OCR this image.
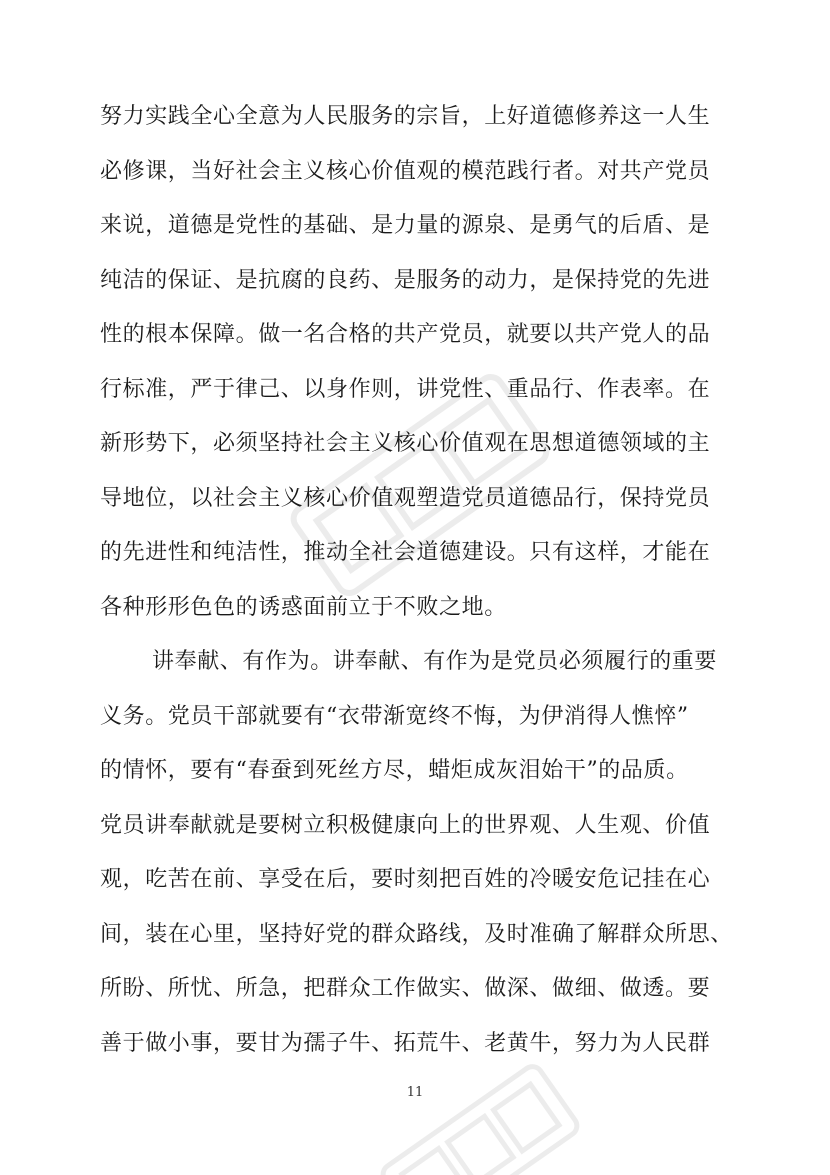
努力实践全心全意为人民服务的宗旨，上好道德修养这一人生
必修课，当好社会主义核心价值观的模范践行者。对共产党员
来说，道德是党性的基础、是力量的源泉、是勇气的后盾、是
纯洁的保证、是抗腐的良药、是服务的动力，是保持党的先进
性的根本保障。做一名合格的共产党员，就要以共产党人的品
行标准，严于律己、以身作则，讲党性、重品行、作表率。在
新形势下，必须坚持社会主义核心价值观在思想道德领域的主
导地位，以社会主义核心价值观塑造党员道德品行，保持党员
的先进性和纯洁性，推动全社会道德建设。只有这样，才能在
各种形形色色的诱惑面前立于不败之地。
讲奉献、有作为。讲奉献、有作为是党员必须履行的重要
义务。党员干部就要有“衣带渐宽终不悔，为伊消得人憔悴”
的情怀，要有“春蚕到死丝方尽，蜡炬成灰泪始干”的品质。
党员讲奉献就是要树立积极健康向上的世界观、人生观、价值
观，吃苦在前、享受在后，要时刻把百姓的冷暖安危记挂在心
间，装在心里，坚持好党的群众路线，及时准确了解群众所思、
所盼、所忧、所急，把群众工作做实、做深、做细、做透。要
善于做小事，要甘为孺子牛、拓荒牛、老黄牛，努力为人民群
11
